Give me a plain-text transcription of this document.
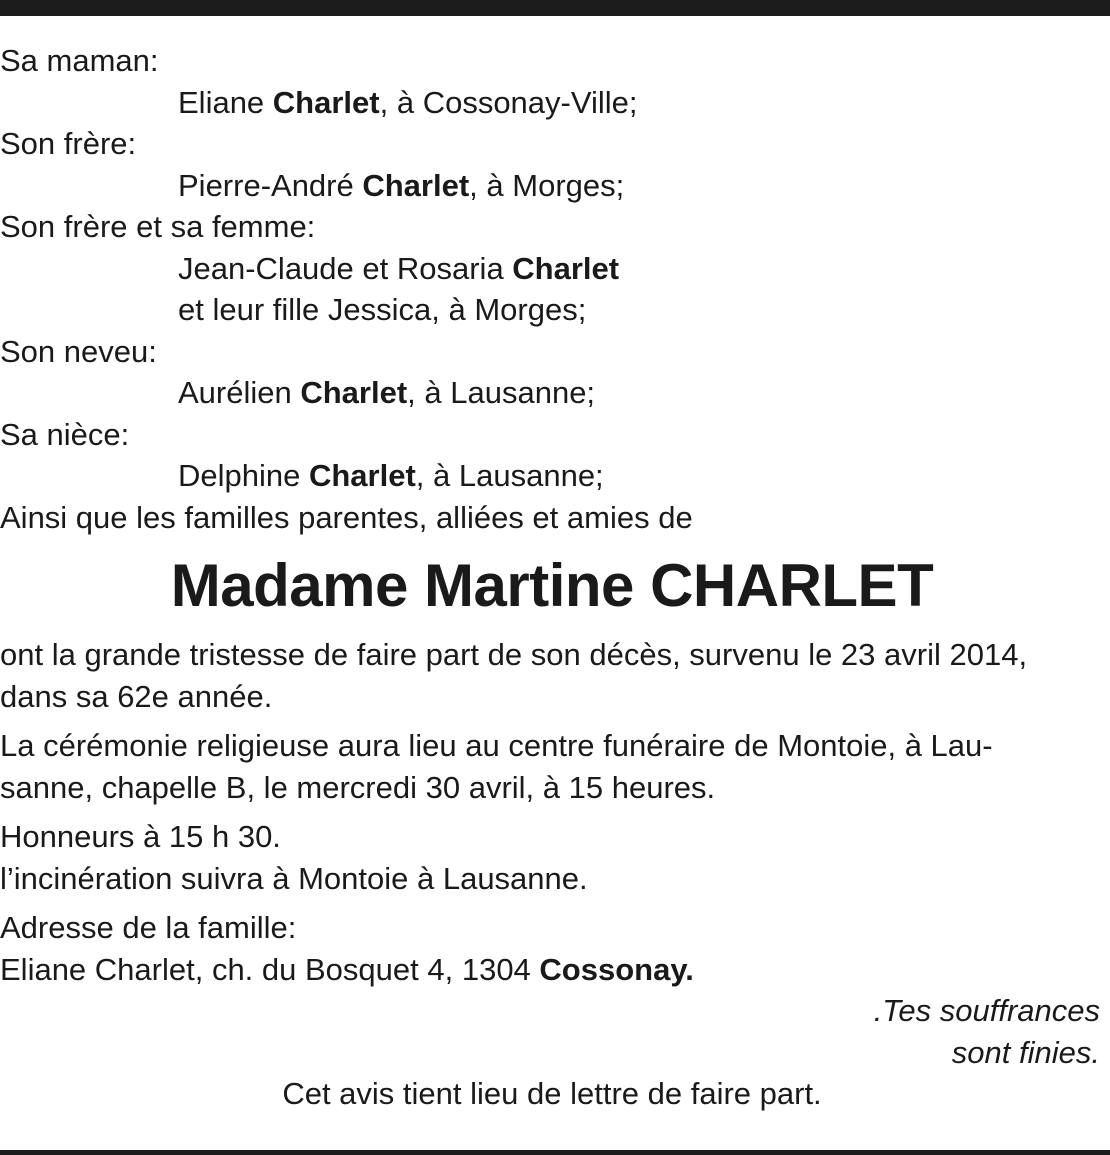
Sa maman:
Eliane Charlet, à Cossonay-Ville;
Son frère:
Pierre-André Charlet, à Morges;
Son frère et sa femme:
Jean-Claude et Rosaria Charlet
et leur fille Jessica, à Morges;
Son neveu:
Aurélien Charlet, à Lausanne;
Sa nièce:
Delphine Charlet, à Lausanne;
Ainsi que les familles parentes, alliées et amies de
Madame Martine CHARLET
ont la grande tristesse de faire part de son décès, survenu le 23 avril 2014,
dans sa 62e année.
La cérémonie religieuse aura lieu au centre funéraire de Montoie, à Lau-
sanne, chapelle B, le mercredi 30 avril, à 15 heures.
Honneurs à 15 h 30.
l’incinération suivra à Montoie à Lausanne.
Adresse de la famille:
Eliane Charlet, ch. du Bosquet 4, 1304 Cossonay.
.Tes souffrances
sont finies.
Cet avis tient lieu de lettre de faire part.
